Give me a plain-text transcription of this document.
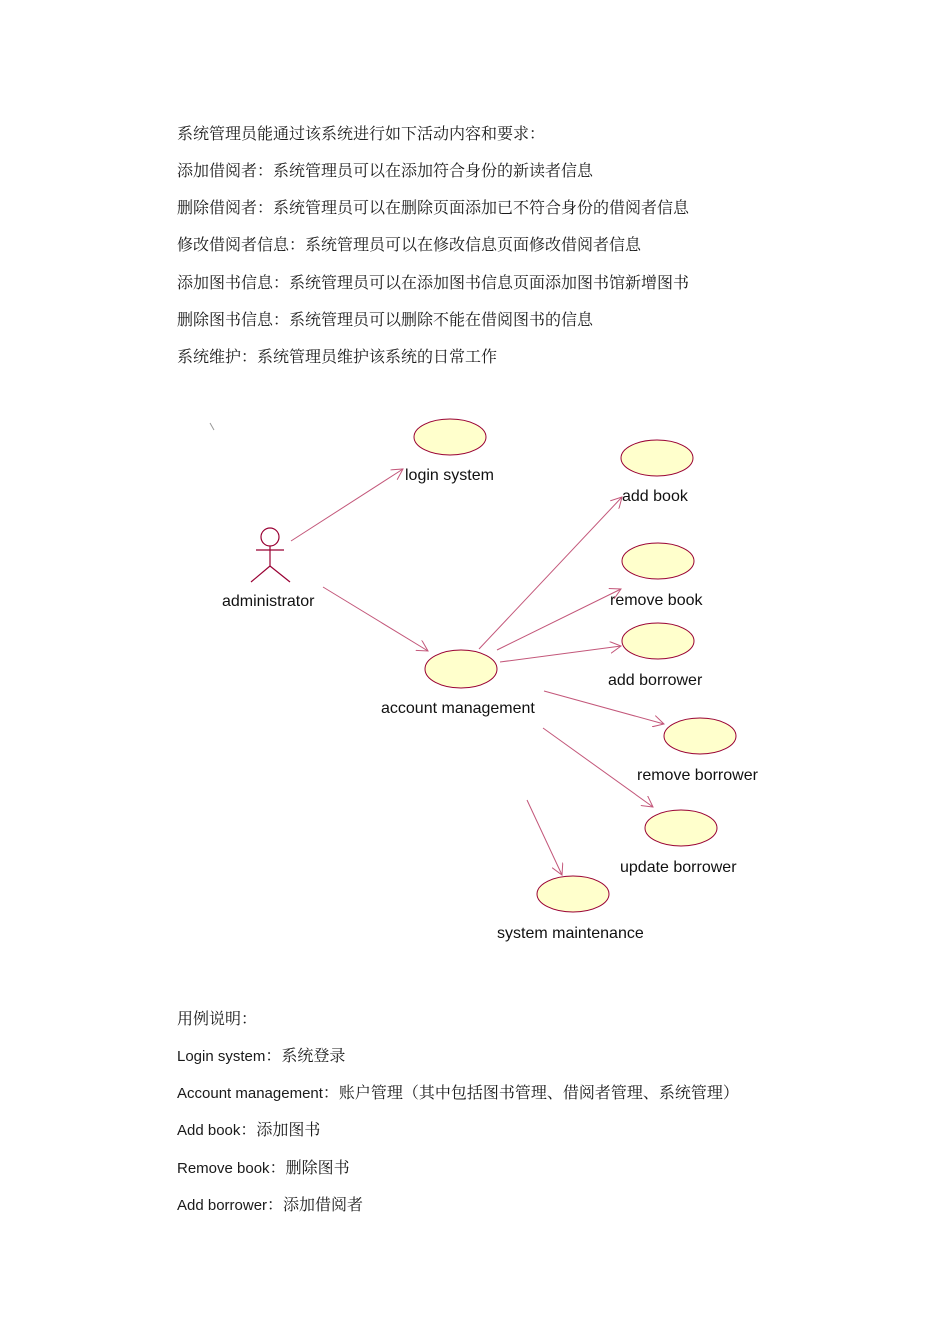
系统管理员能通过该系统进行如下活动内容和要求：

添加借阅者：系统管理员可以在添加符合身份的新读者信息

删除借阅者：系统管理员可以在删除页面添加已不符合身份的借阅者信息

修改借阅者信息：系统管理员可以在修改信息页面修改借阅者信息

添加图书信息：系统管理员可以在添加图书信息页面添加图书馆新增图书

删除图书信息：系统管理员可以删除不能在借阅图书的信息

系统维护：系统管理员维护该系统的日常工作

administrator
login system
add book
remove book
add borrower
account management
remove borrower
update borrower
system maintenance

用例说明：

Login system：系统登录

Account management：账户管理（其中包括图书管理、借阅者管理、系统管理）

Add book：添加图书

Remove book：删除图书

Add borrower：添加借阅者
